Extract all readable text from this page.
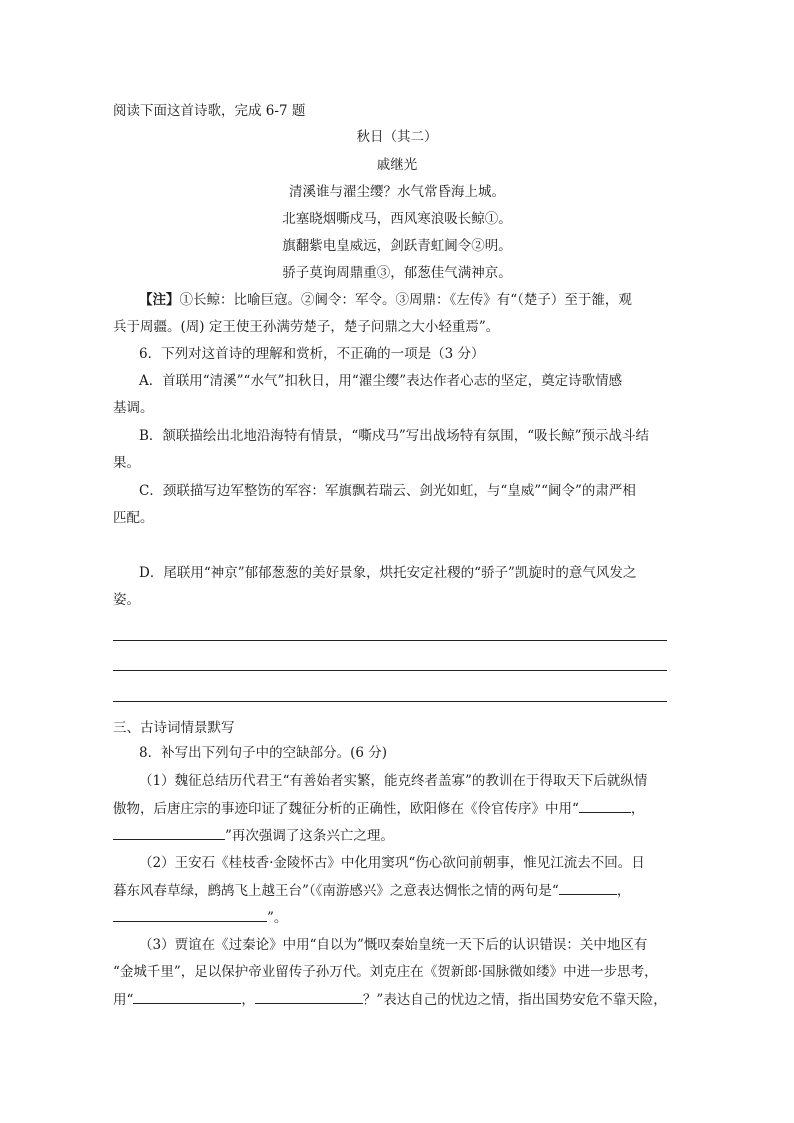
阅读下面这首诗歌，完成 6-7 题
秋日（其二）
戚继光
清溪谁与濯尘缨？水气常昏海上城。
北塞晓烟嘶戍马，西风寒浪吸长鲸①。
旗翻紫电皇威远，剑跃青虹阃令②明。
骄子莫询周鼎重③，郁葱佳气满神京。
【注】①长鲸：比喻巨寇。②阃令：军令。③周鼎：《左传》有“（楚子）至于雒，观
兵于周疆。(周) 定王使王孙满劳楚子，楚子问鼎之大小轻重焉”。
6．下列对这首诗的理解和赏析，不正确的一项是（3 分）
A．首联用“清溪”“水气”扣秋日，用“濯尘缨”表达作者心志的坚定，奠定诗歌情感
基调。
B．颔联描绘出北地沿海特有情景，“嘶戍马”写出战场特有氛围，“吸长鲸”预示战斗结
果。
C．颈联描写边军整饬的军容：军旗飘若瑞云、剑光如虹，与“皇威”“阃令”的肃严相
匹配。
D．尾联用“神京”郁郁葱葱的美好景象，烘托安定社稷的“骄子”凯旋时的意气风发之
姿。
三、古诗词情景默写
8．补写出下列句子中的空缺部分。(6 分)
（1）魏征总结历代君王“有善始者实繁，能克终者盖寡”的教训在于得取天下后就纵情
傲物，后唐庄宗的事迹印证了魏征分析的正确性，欧阳修在《伶官传序》中用“	，
”再次强调了这条兴亡之理。
（2）王安石《桂枝香·金陵怀古》中化用窦巩“伤心欲问前朝事，惟见江流去不回。日
暮东风春草绿，鹧鸪飞上越王台”（《南游感兴》之意表达惆怅之情的两句是“	，
”。
（3）贾谊在《过秦论》中用“自以为”慨叹秦始皇统一天下后的认识错误：关中地区有
“金城千里”，足以保护帝业留传子孙万代。刘克庄在《贺新郎·国脉微如缕》中进一步思考，
用“	，	？”表达自己的忧边之情，指出国势安危不靠天险，
